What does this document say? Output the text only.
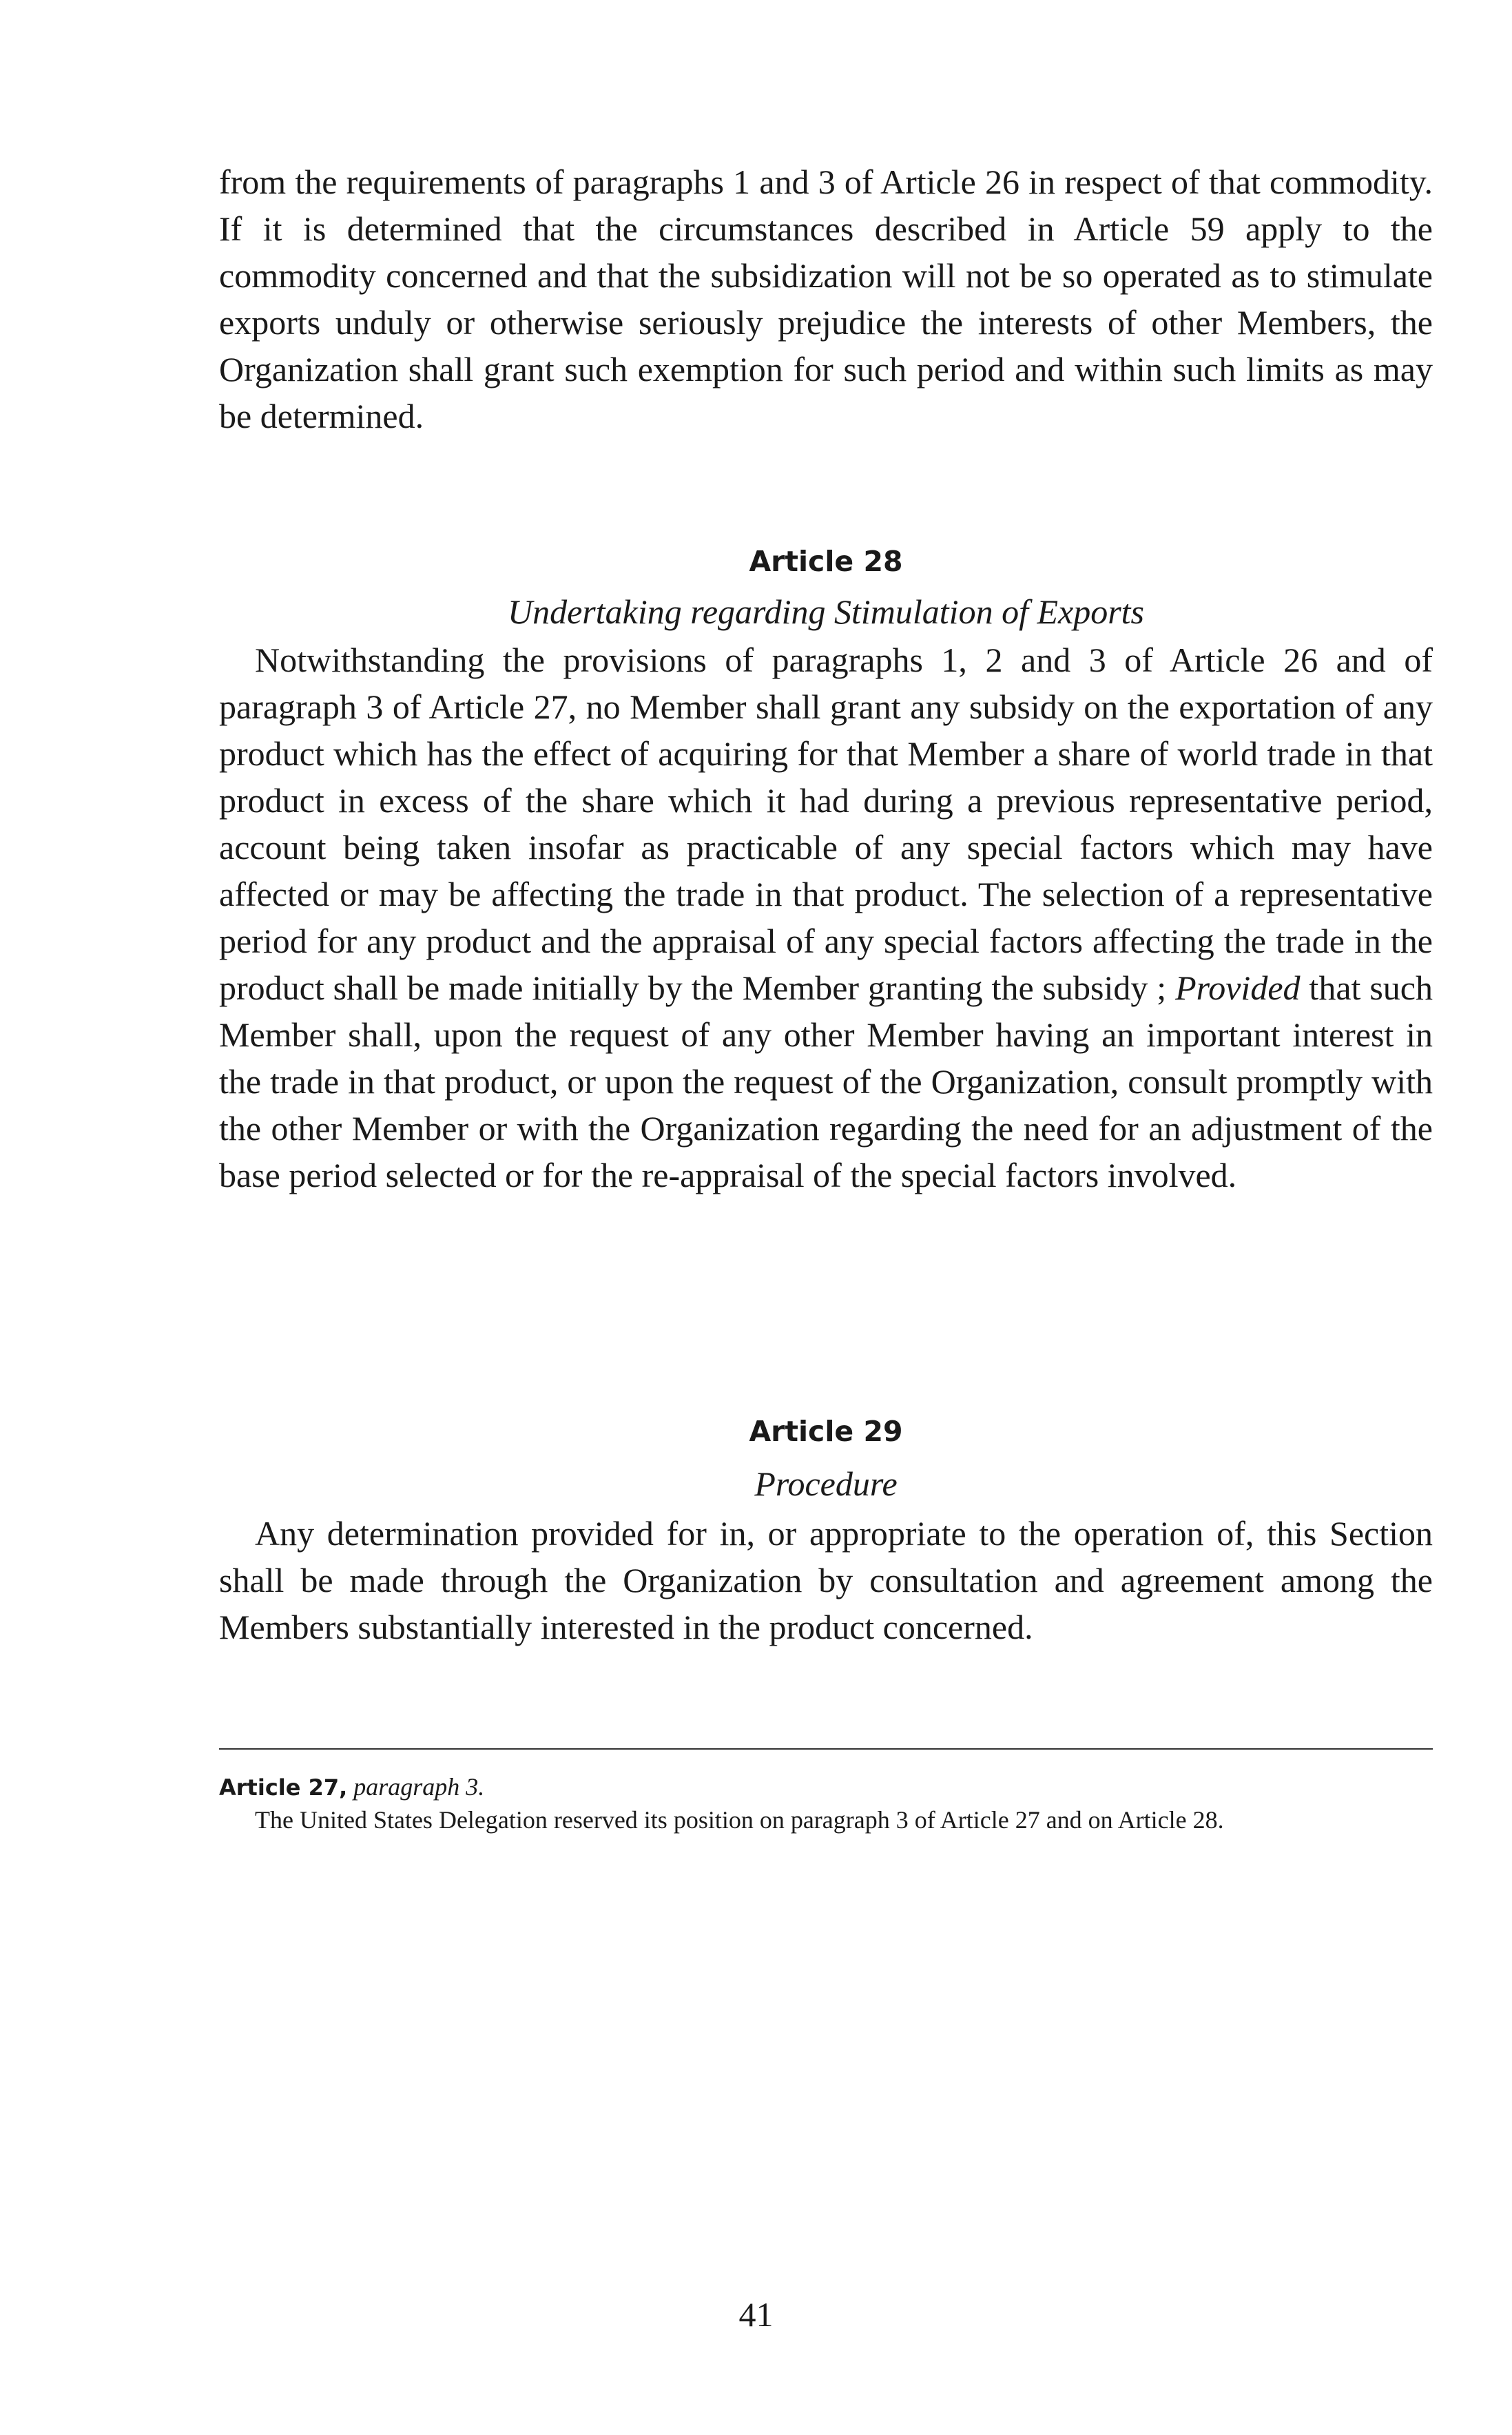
from the requirements of paragraphs 1 and 3 of Article 26 in respect of that commodity. If it is determined that the circumstances described in Article 59 apply to the commodity concerned and that the subsidization will not be so operated as to stimulate exports unduly or otherwise seriously prejudice the interests of other Members, the Organization shall grant such exemption for such period and within such limits as may be determined.

Article 28

Undertaking regarding Stimulation of Exports

Notwithstanding the provisions of paragraphs 1, 2 and 3 of Article 26 and of paragraph 3 of Article 27, no Member shall grant any subsidy on the exportation of any product which has the effect of acquiring for that Member a share of world trade in that product in excess of the share which it had during a previous representative period, account being taken insofar as practicable of any special factors which may have affected or may be affecting the trade in that product. The selection of a representative period for any product and the appraisal of any special factors affecting the trade in the product shall be made initially by the Member granting the subsidy ; Provided that such Member shall, upon the request of any other Member having an important interest in the trade in that product, or upon the request of the Organization, consult promptly with the other Member or with the Organization regarding the need for an adjustment of the base period selected or for the re-appraisal of the special factors involved.

Article 29

Procedure

Any determination provided for in, or appropriate to the operation of, this Section shall be made through the Organization by consultation and agreement among the Members substantially interested in the product concerned.

Article 27, paragraph 3.

The United States Delegation reserved its position on paragraph 3 of Article 27 and on Article 28.

41
